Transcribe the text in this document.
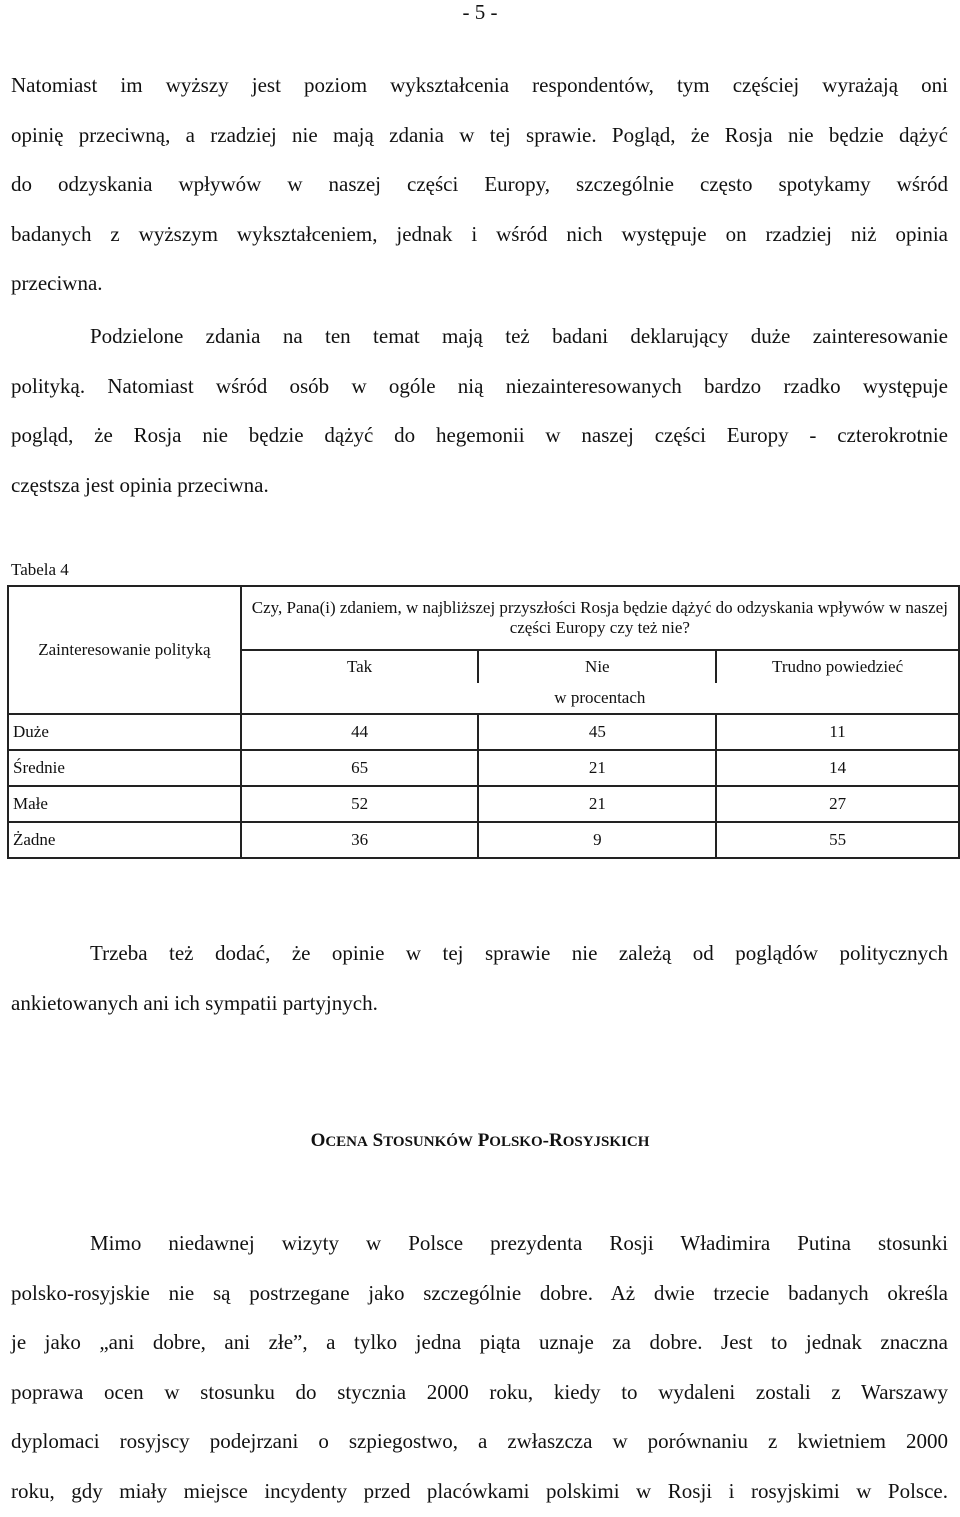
- 5 -
Natomiast im wyższy jest poziom wykształcenia respondentów, tym częściej wyrażają oni
opinię przeciwną, a rzadziej nie mają zdania w tej sprawie. Pogląd, że Rosja nie będzie dążyć
do odzyskania wpływów w naszej części Europy, szczególnie często spotykamy wśród
badanych z wyższym wykształceniem, jednak i wśród nich występuje on rzadziej niż opinia
przeciwna.
Podzielone zdania na ten temat mają też badani deklarujący duże zainteresowanie
polityką. Natomiast wśród osób w ogóle nią niezainteresowanych bardzo rzadko występuje
pogląd, że Rosja nie będzie dążyć do hegemonii w naszej części Europy - czterokrotnie
częstsza jest opinia przeciwna.
Tabela 4
Zainteresowanie polityką	Czy, Pana(i) zdaniem, w najbliższej przyszłości Rosja będzie dążyć do odzyskania wpływów w naszej części Europy czy też nie?		
	Tak	Nie	Trudno powiedzieć
	w procentach		
Duże	44	45	11
Średnie	65	21	14
Małe	52	21	27
Żadne	36	9	55
Trzeba też dodać, że opinie w tej sprawie nie zależą od poglądów politycznych
ankietowanych ani ich sympatii partyjnych.
OCENA STOSUNKÓW POLSKO-ROSYJSKICH
Mimo niedawnej wizyty w Polsce prezydenta Rosji Władimira Putina stosunki
polsko-rosyjskie nie są postrzegane jako szczególnie dobre. Aż dwie trzecie badanych określa
je jako „ani dobre, ani złe”, a tylko jedna piąta uznaje za dobre. Jest to jednak znaczna
poprawa ocen w stosunku do stycznia 2000 roku, kiedy to wydaleni zostali z Warszawy
dyplomaci rosyjscy podejrzani o szpiegostwo, a zwłaszcza w porównaniu z kwietniem 2000
roku, gdy miały miejsce incydenty przed placówkami polskimi w Rosji i rosyjskimi w Polsce.
